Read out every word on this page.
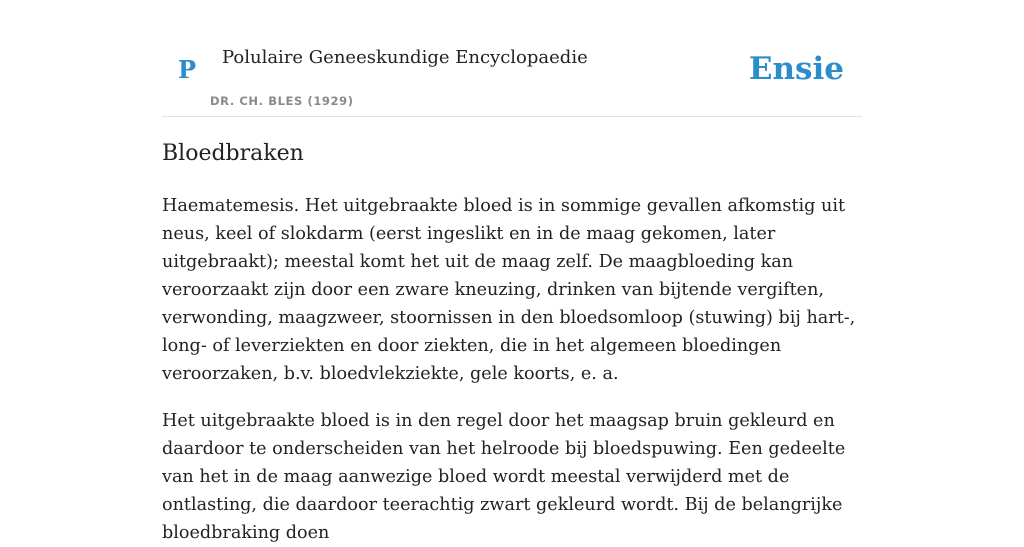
P Polulaire Geneeskundige Encyclopaedie
DR. CH. BLES (1929)
Ensie
Bloedbraken

Haematemesis. Het uitgebraakte bloed is in sommige gevallen afkomstig uit neus, keel of slokdarm (eerst ingeslikt en in de maag gekomen, later uitgebraakt); meestal komt het uit de maag zelf. De maagbloeding kan veroorzaakt zijn door een zware kneuzing, drinken van bijtende vergiften, verwonding, maagzweer, stoornissen in den bloedsomloop (stuwing) bij hart-, long- of leverziekten en door ziekten, die in het algemeen bloedingen veroorzaken, b.v. bloedvlekziekte, gele koorts, e. a.

Het uitgebraakte bloed is in den regel door het maagsap bruin gekleurd en daardoor te onderscheiden van het helroode bij bloedspuwing. Een gedeelte van het in de maag aanwezige bloed wordt meestal verwijderd met de ontlasting, die daardoor teerachtig zwart gekleurd wordt. Bij de belangrijke bloedbraking doen
